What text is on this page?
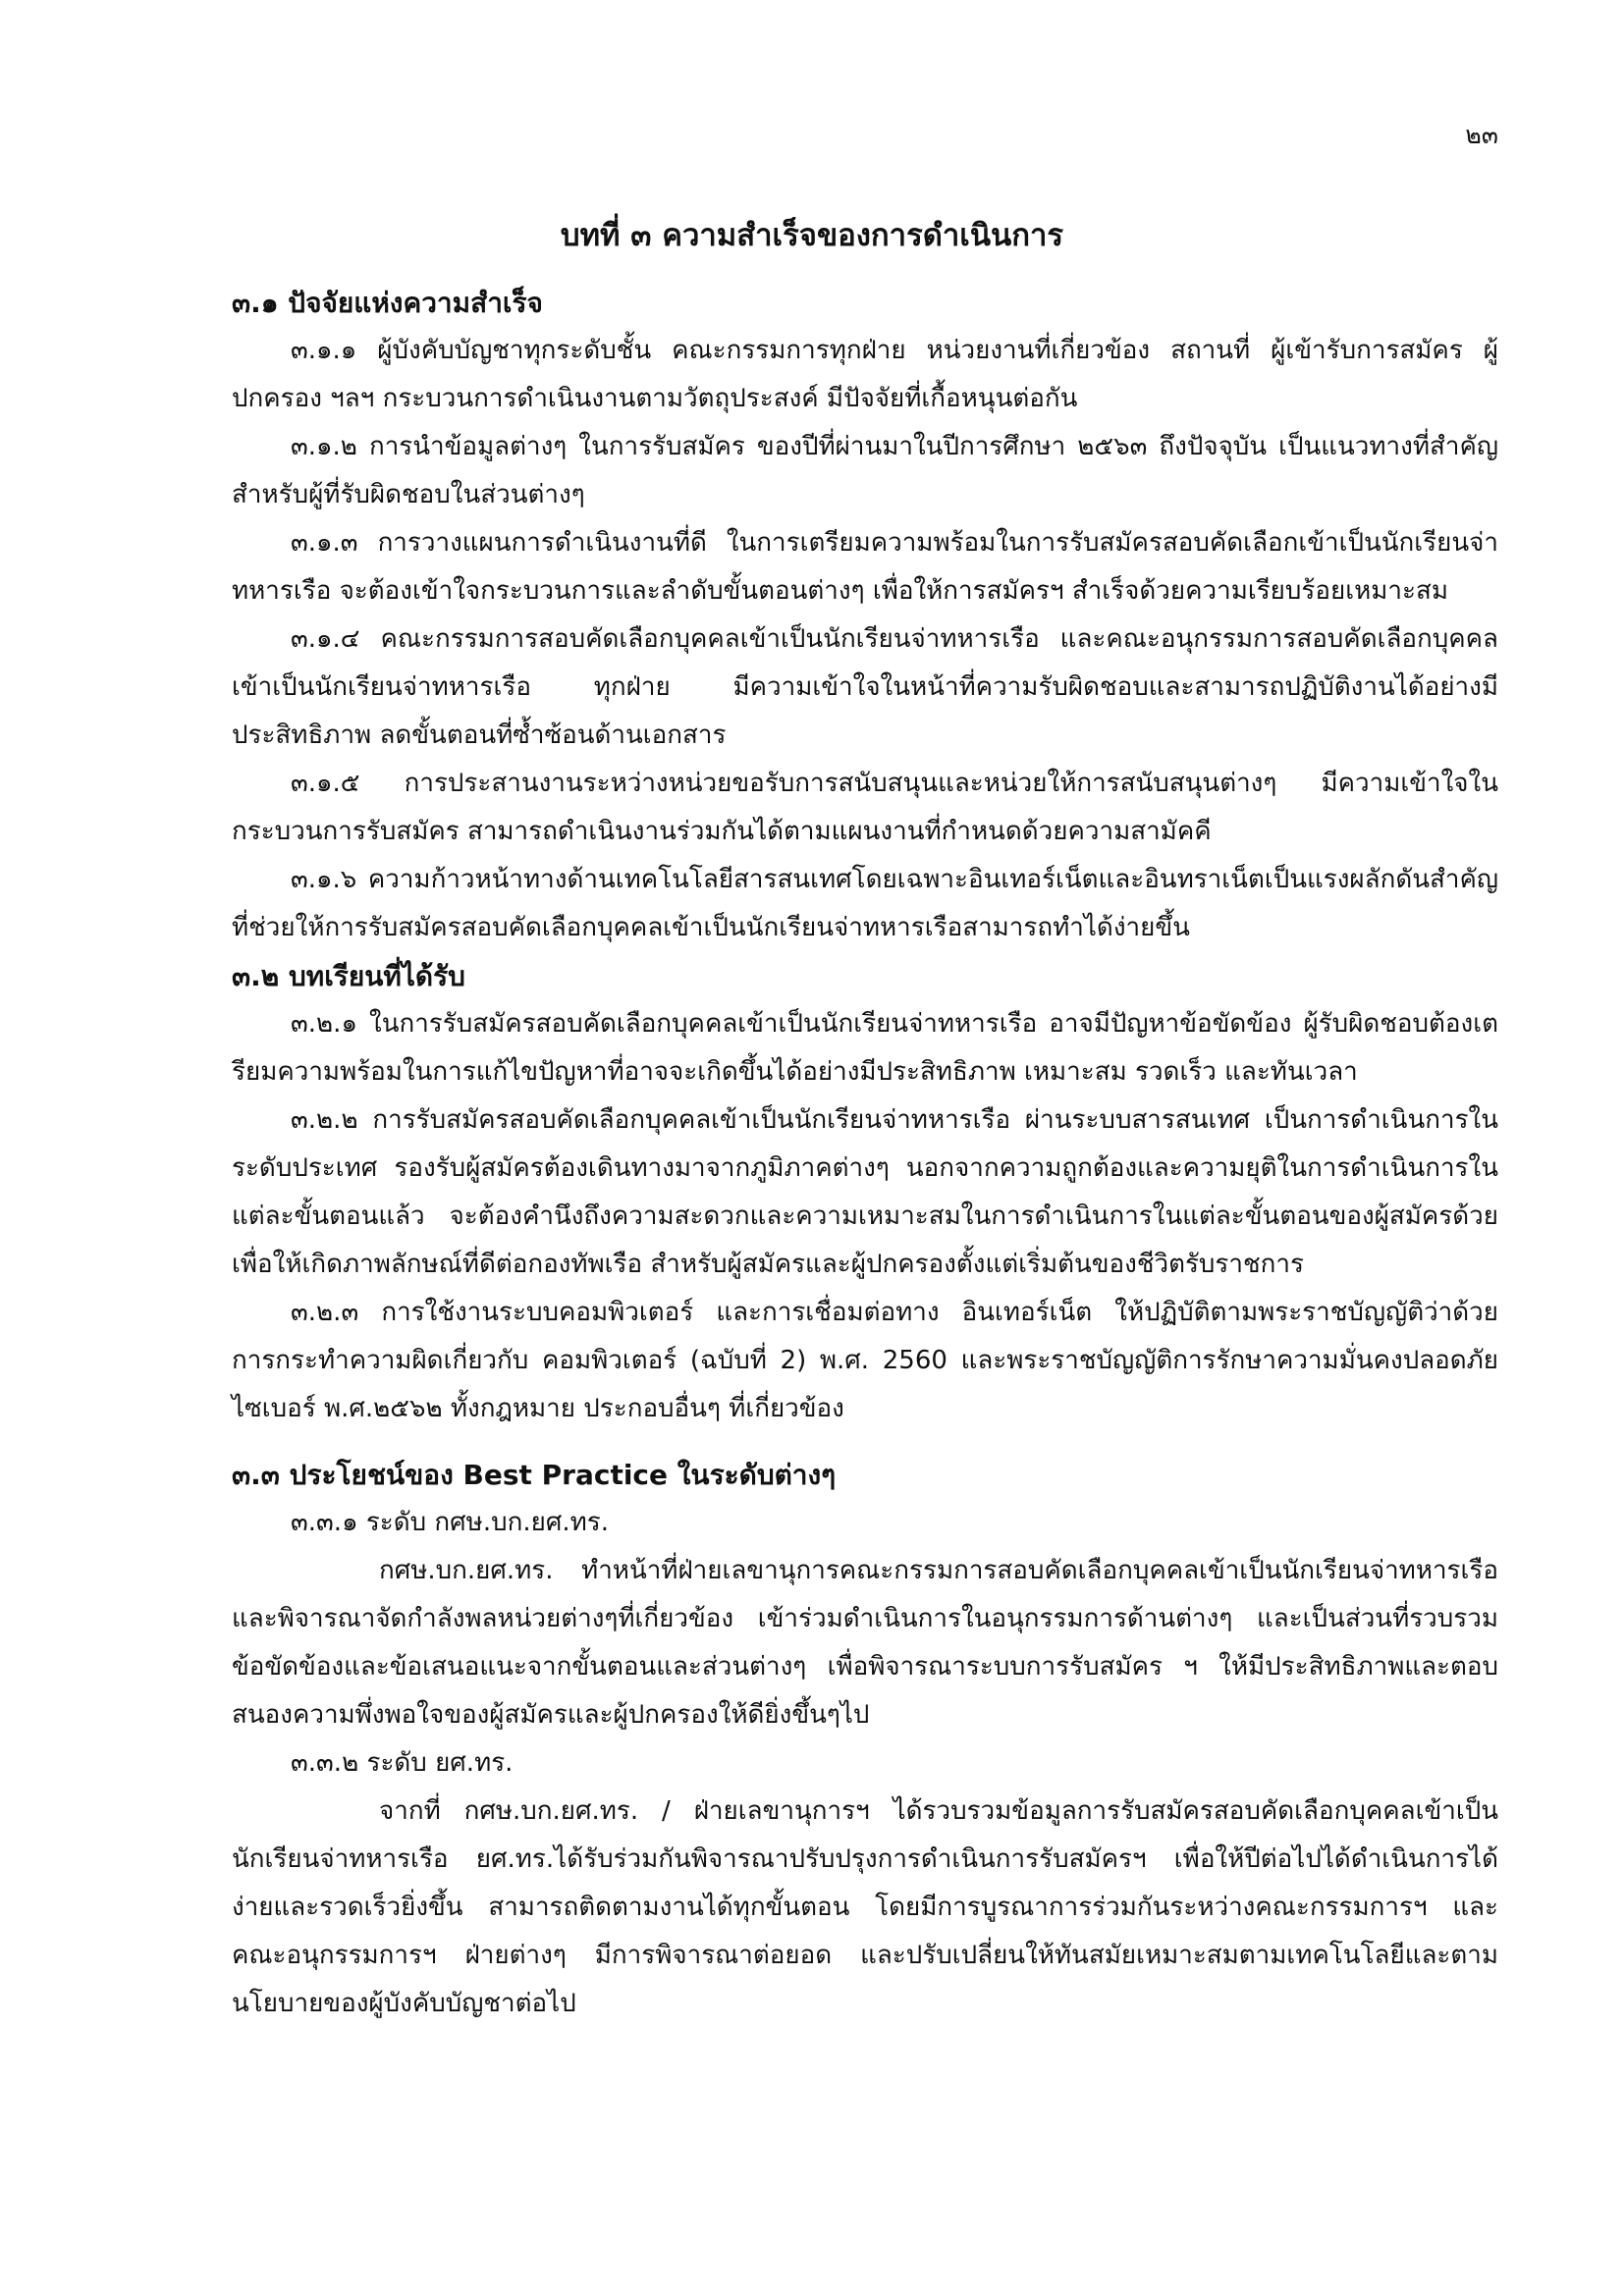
๒๓
บทที่ ๓ ความสำเร็จของการดำเนินการ
๓.๑ ปัจจัยแห่งความสำเร็จ

๓.๑.๑ ผู้บังคับบัญชาทุกระดับชั้น คณะกรรมการทุกฝ่าย หน่วยงานที่เกี่ยวข้อง สถานที่ ผู้เข้ารับการสมัคร ผู้ปกครอง ฯลฯ กระบวนการดำเนินงานตามวัตถุประสงค์ มีปัจจัยที่เกื้อหนุนต่อกัน

๓.๑.๒ การนำข้อมูลต่างๆ ในการรับสมัคร ของปีที่ผ่านมาในปีการศึกษา ๒๕๖๓ ถึงปัจจุบัน เป็นแนวทางที่สำคัญสำหรับผู้ที่รับผิดชอบในส่วนต่างๆ

๓.๑.๓ การวางแผนการดำเนินงานที่ดี ในการเตรียมความพร้อมในการรับสมัครสอบคัดเลือกเข้าเป็นนักเรียนจ่าทหารเรือ จะต้องเข้าใจกระบวนการและลำดับขั้นตอนต่างๆ เพื่อให้การสมัครฯ สำเร็จด้วยความเรียบร้อยเหมาะสม

๓.๑.๔ คณะกรรมการสอบคัดเลือกบุคคลเข้าเป็นนักเรียนจ่าทหารเรือ และคณะอนุกรรมการสอบคัดเลือกบุคคลเข้าเป็นนักเรียนจ่าทหารเรือ ทุกฝ่าย มีความเข้าใจในหน้าที่ความรับผิดชอบและสามารถปฏิบัติงานได้อย่างมีประสิทธิภาพ ลดขั้นตอนที่ซ้ำซ้อนด้านเอกสาร

๓.๑.๕ การประสานงานระหว่างหน่วยขอรับการสนับสนุนและหน่วยให้การสนับสนุนต่างๆ มีความเข้าใจในกระบวนการรับสมัคร สามารถดำเนินงานร่วมกันได้ตามแผนงานที่กำหนดด้วยความสามัคคี

๓.๑.๖ ความก้าวหน้าทางด้านเทคโนโลยีสารสนเทศโดยเฉพาะอินเทอร์เน็ตและอินทราเน็ตเป็นแรงผลักดันสำคัญที่ช่วยให้การรับสมัครสอบคัดเลือกบุคคลเข้าเป็นนักเรียนจ่าทหารเรือสามารถทำได้ง่ายขึ้น

๓.๒ บทเรียนที่ได้รับ

๓.๒.๑ ในการรับสมัครสอบคัดเลือกบุคคลเข้าเป็นนักเรียนจ่าทหารเรือ อาจมีปัญหาข้อขัดข้อง ผู้รับผิดชอบต้องเตรียมความพร้อมในการแก้ไขปัญหาที่อาจจะเกิดขึ้นได้อย่างมีประสิทธิภาพ เหมาะสม รวดเร็ว และทันเวลา

๓.๒.๒ การรับสมัครสอบคัดเลือกบุคคลเข้าเป็นนักเรียนจ่าทหารเรือ ผ่านระบบสารสนเทศ เป็นการดำเนินการในระดับประเทศ รองรับผู้สมัครต้องเดินทางมาจากภูมิภาคต่างๆ นอกจากความถูกต้องและความยุติในการดำเนินการในแต่ละขั้นตอนแล้ว จะต้องคำนึงถึงความสะดวกและความเหมาะสมในการดำเนินการในแต่ละขั้นตอนของผู้สมัครด้วย เพื่อให้เกิดภาพลักษณ์ที่ดีต่อกองทัพเรือ สำหรับผู้สมัครและผู้ปกครองตั้งแต่เริ่มต้นของชีวิตรับราชการ

๓.๒.๓ การใช้งานระบบคอมพิวเตอร์ และการเชื่อมต่อทาง อินเทอร์เน็ต ให้ปฏิบัติตามพระราชบัญญัติว่าด้วยการกระทำความผิดเกี่ยวกับ คอมพิวเตอร์ (ฉบับที่ 2) พ.ศ. 2560 และพระราชบัญญัติการรักษาความมั่นคงปลอดภัยไซเบอร์ พ.ศ.๒๕๖๒ ทั้งกฎหมาย ประกอบอื่นๆ ที่เกี่ยวข้อง

๓.๓ ประโยชน์ของ Best Practice ในระดับต่างๆ

๓.๓.๑ ระดับ กศษ.บก.ยศ.ทร.

กศษ.บก.ยศ.ทร. ทำหน้าที่ฝ่ายเลขานุการคณะกรรมการสอบคัดเลือกบุคคลเข้าเป็นนักเรียนจ่าทหารเรือและพิจารณาจัดกำลังพลหน่วยต่างๆที่เกี่ยวข้อง เข้าร่วมดำเนินการในอนุกรรมการด้านต่างๆ และเป็นส่วนที่รวบรวมข้อขัดข้องและข้อเสนอแนะจากขั้นตอนและส่วนต่างๆ เพื่อพิจารณาระบบการรับสมัคร ฯ ให้มีประสิทธิภาพและตอบสนองความพึ่งพอใจของผู้สมัครและผู้ปกครองให้ดียิ่งขึ้นๆไป

๓.๓.๒ ระดับ ยศ.ทร.

จากที่ กศษ.บก.ยศ.ทร. / ฝ่ายเลขานุการฯ ได้รวบรวมข้อมูลการรับสมัครสอบคัดเลือกบุคคลเข้าเป็นนักเรียนจ่าทหารเรือ ยศ.ทร.ได้รับร่วมกันพิจารณาปรับปรุงการดำเนินการรับสมัครฯ เพื่อให้ปีต่อไปได้ดำเนินการได้ง่ายและรวดเร็วยิ่งขึ้น สามารถติดตามงานได้ทุกขั้นตอน โดยมีการบูรณาการร่วมกันระหว่างคณะกรรมการฯ และคณะอนุกรรมการฯ ฝ่ายต่างๆ มีการพิจารณาต่อยอด และปรับเปลี่ยนให้ทันสมัยเหมาะสมตามเทคโนโลยีและตามนโยบายของผู้บังคับบัญชาต่อไป
